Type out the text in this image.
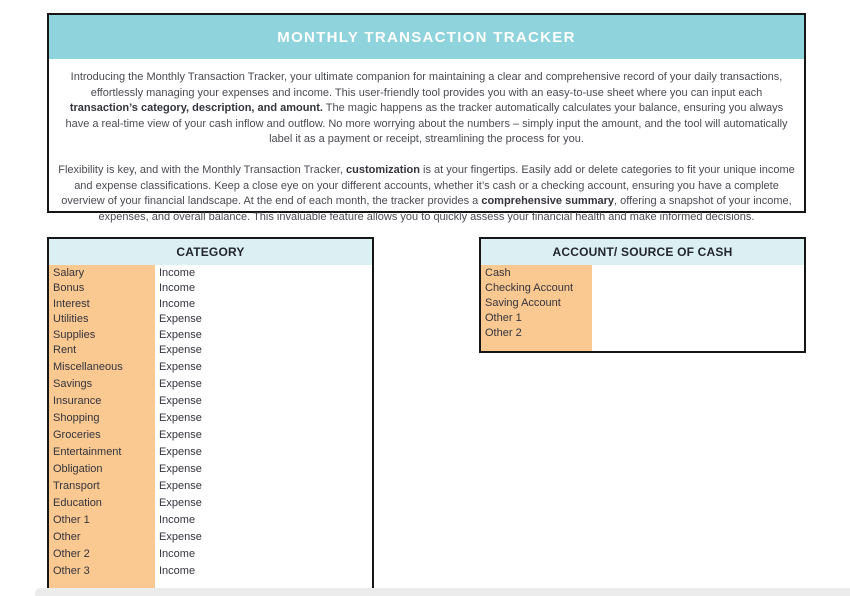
MONTHLY TRANSACTION TRACKER

Introducing the Monthly Transaction Tracker, your ultimate companion for maintaining a clear and comprehensive record of your daily transactions, effortlessly managing your expenses and income. This user-friendly tool provides you with an easy-to-use sheet where you can input each transaction’s category, description, and amount. The magic happens as the tracker automatically calculates your balance, ensuring you always have a real-time view of your cash inflow and outflow. No more worrying about the numbers – simply input the amount, and the tool will automatically label it as a payment or receipt, streamlining the process for you.

Flexibility is key, and with the Monthly Transaction Tracker, customization is at your fingertips. Easily add or delete categories to fit your unique income and expense classifications. Keep a close eye on your different accounts, whether it’s cash or a checking account, ensuring you have a complete overview of your financial landscape. At the end of each month, the tracker provides a comprehensive summary, offering a snapshot of your income, expenses, and overall balance. This invaluable feature allows you to quickly assess your financial health and make informed decisions.

CATEGORY
Salary	Income
Bonus	Income
Interest	Income
Utilities	Expense
Supplies	Expense
Rent	Expense
Miscellaneous	Expense
Savings	Expense
Insurance	Expense
Shopping	Expense
Groceries	Expense
Entertainment	Expense
Obligation	Expense
Transport	Expense
Education	Expense
Other 1	Income
Other	Expense
Other 2	Income
Other 3	Income
ACCOUNT/ SOURCE OF CASH
Cash
Checking Account
Saving Account
Other 1
Other 2
